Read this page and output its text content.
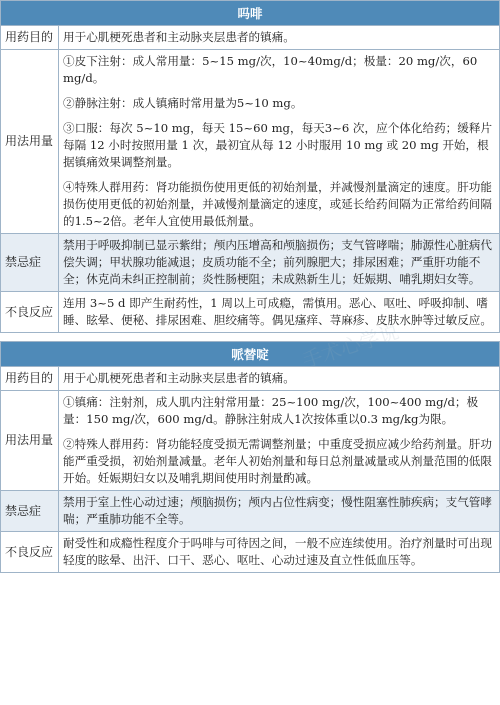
吗啡	
用药目的	用于心肌梗死患者和主动脉夹层患者的镇痛。
用法用量	①皮下注射：成人常用量：5~15 mg/次，10~40mg/d；极量：20 mg/次，60 mg/d。

②静脉注射：成人镇痛时常用量为5~10 mg。

③口服：每次 5~10 mg，每天 15~60 mg，每天3~6 次，应个体化给药；缓释片每隔 12 小时按照用量 1 次，最初宜从每 12 小时服用 10 mg 或 20 mg 开始，根据镇痛效果调整剂量。

④特殊人群用药：肾功能损伤使用更低的初始剂量，并减慢剂量滴定的速度。肝功能损伤使用更低的初始剂量，并减慢剂量滴定的速度，或延长给药间隔为正常给药间隔的1.5~2倍。老年人宜使用最低剂量。

禁忌症	禁用于呼吸抑制已显示紫绀；颅内压增高和颅脑损伤；支气管哮喘；肺源性心脏病代偿失调；甲状腺功能减退；皮质功能不全；前列腺肥大；排尿困难；严重肝功能不全；休克尚未纠正控制前；炎性肠梗阻；未成熟新生儿；妊娠期、哺乳期妇女等。
不良反应	连用 3~5 d 即产生耐药性，1 周以上可成瘾，需慎用。恶心、呕吐、呼吸抑制、嗜睡、眩晕、便秘、排尿困难、胆绞痛等。偶见瘙痒、荨麻疹、皮肤水肿等过敏反应。

哌替啶	
用药目的	用于心肌梗死患者和主动脉夹层患者的镇痛。
用法用量	①镇痛：注射剂，成人肌内注射常用量：25~100 mg/次，100~400 mg/d；极量：150 mg/次，600 mg/d。静脉注射成人1次按体重以0.3 mg/kg为限。

②特殊人群用药：肾功能轻度受损无需调整剂量；中重度受损应减少给药剂量。肝功能严重受损，初始剂量减量。老年人初始剂量和每日总剂量减量或从剂量范围的低限开始。妊娠期妇女以及哺乳期间使用时剂量酌减。

禁忌症	禁用于室上性心动过速；颅脑损伤；颅内占位性病变；慢性阻塞性肺疾病；支气管哮喘；严重肺功能不全等。
不良反应	耐受性和成瘾性程度介于吗啡与可待因之间，一般不应连续使用。治疗剂量时可出现轻度的眩晕、出汗、口干、恶心、呕吐、心动过速及直立性低血压等。
